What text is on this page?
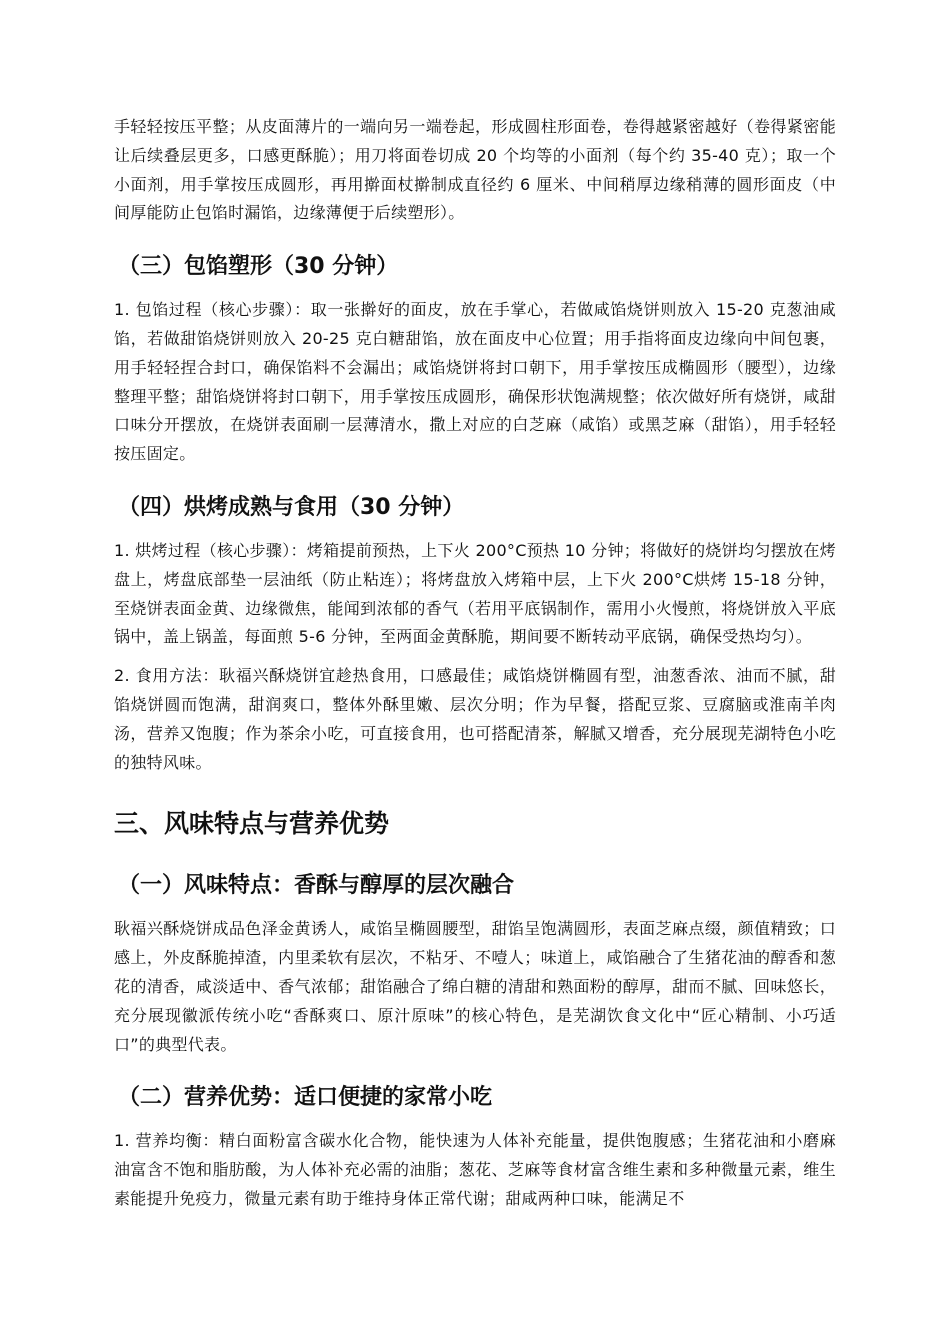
手轻轻按压平整；从皮面薄片的一端向另一端卷起，形成圆柱形面卷，卷得越紧密越好（卷得紧密能让后续叠层更多，口感更酥脆）；用刀将面卷切成 20 个均等的小面剂（每个约 35-40 克）；取一个小面剂，用手掌按压成圆形，再用擀面杖擀制成直径约 6 厘米、中间稍厚边缘稍薄的圆形面皮（中间厚能防止包馅时漏馅，边缘薄便于后续塑形）。

（三）包馅塑形（30 分钟）

1. 包馅过程（核心步骤）：取一张擀好的面皮，放在手掌心，若做咸馅烧饼则放入 15-20 克葱油咸馅，若做甜馅烧饼则放入 20-25 克白糖甜馅，放在面皮中心位置；用手指将面皮边缘向中间包裹，用手轻轻捏合封口，确保馅料不会漏出；咸馅烧饼将封口朝下，用手掌按压成椭圆形（腰型），边缘整理平整；甜馅烧饼将封口朝下，用手掌按压成圆形，确保形状饱满规整；依次做好所有烧饼，咸甜口味分开摆放，在烧饼表面刷一层薄清水，撒上对应的白芝麻（咸馅）或黑芝麻（甜馅），用手轻轻按压固定。

（四）烘烤成熟与食用（30 分钟）

1. 烘烤过程（核心步骤）：烤箱提前预热，上下火 200°C预热 10 分钟；将做好的烧饼均匀摆放在烤盘上，烤盘底部垫一层油纸（防止粘连）；将烤盘放入烤箱中层，上下火 200°C烘烤 15-18 分钟，至烧饼表面金黄、边缘微焦，能闻到浓郁的香气（若用平底锅制作，需用小火慢煎，将烧饼放入平底锅中，盖上锅盖，每面煎 5-6 分钟，至两面金黄酥脆，期间要不断转动平底锅，确保受热均匀）。

2. 食用方法：耿福兴酥烧饼宜趁热食用，口感最佳；咸馅烧饼椭圆有型，油葱香浓、油而不腻，甜馅烧饼圆而饱满，甜润爽口，整体外酥里嫩、层次分明；作为早餐，搭配豆浆、豆腐脑或淮南羊肉汤，营养又饱腹；作为茶余小吃，可直接食用，也可搭配清茶，解腻又增香，充分展现芜湖特色小吃的独特风味。

三、风味特点与营养优势
（一）风味特点：香酥与醇厚的层次融合

耿福兴酥烧饼成品色泽金黄诱人，咸馅呈椭圆腰型，甜馅呈饱满圆形，表面芝麻点缀，颜值精致；口感上，外皮酥脆掉渣，内里柔软有层次，不粘牙、不噎人；味道上，咸馅融合了生猪花油的醇香和葱花的清香，咸淡适中、香气浓郁；甜馅融合了绵白糖的清甜和熟面粉的醇厚，甜而不腻、回味悠长，充分展现徽派传统小吃“香酥爽口、原汁原味”的核心特色，是芜湖饮食文化中“匠心精制、小巧适口”的典型代表。

（二）营养优势：适口便捷的家常小吃

1. 营养均衡：精白面粉富含碳水化合物，能快速为人体补充能量，提供饱腹感；生猪花油和小磨麻油富含不饱和脂肪酸，为人体补充必需的油脂；葱花、芝麻等食材富含维生素和多种微量元素，维生素能提升免疫力，微量元素有助于维持身体正常代谢；甜咸两种口味，能满足不
